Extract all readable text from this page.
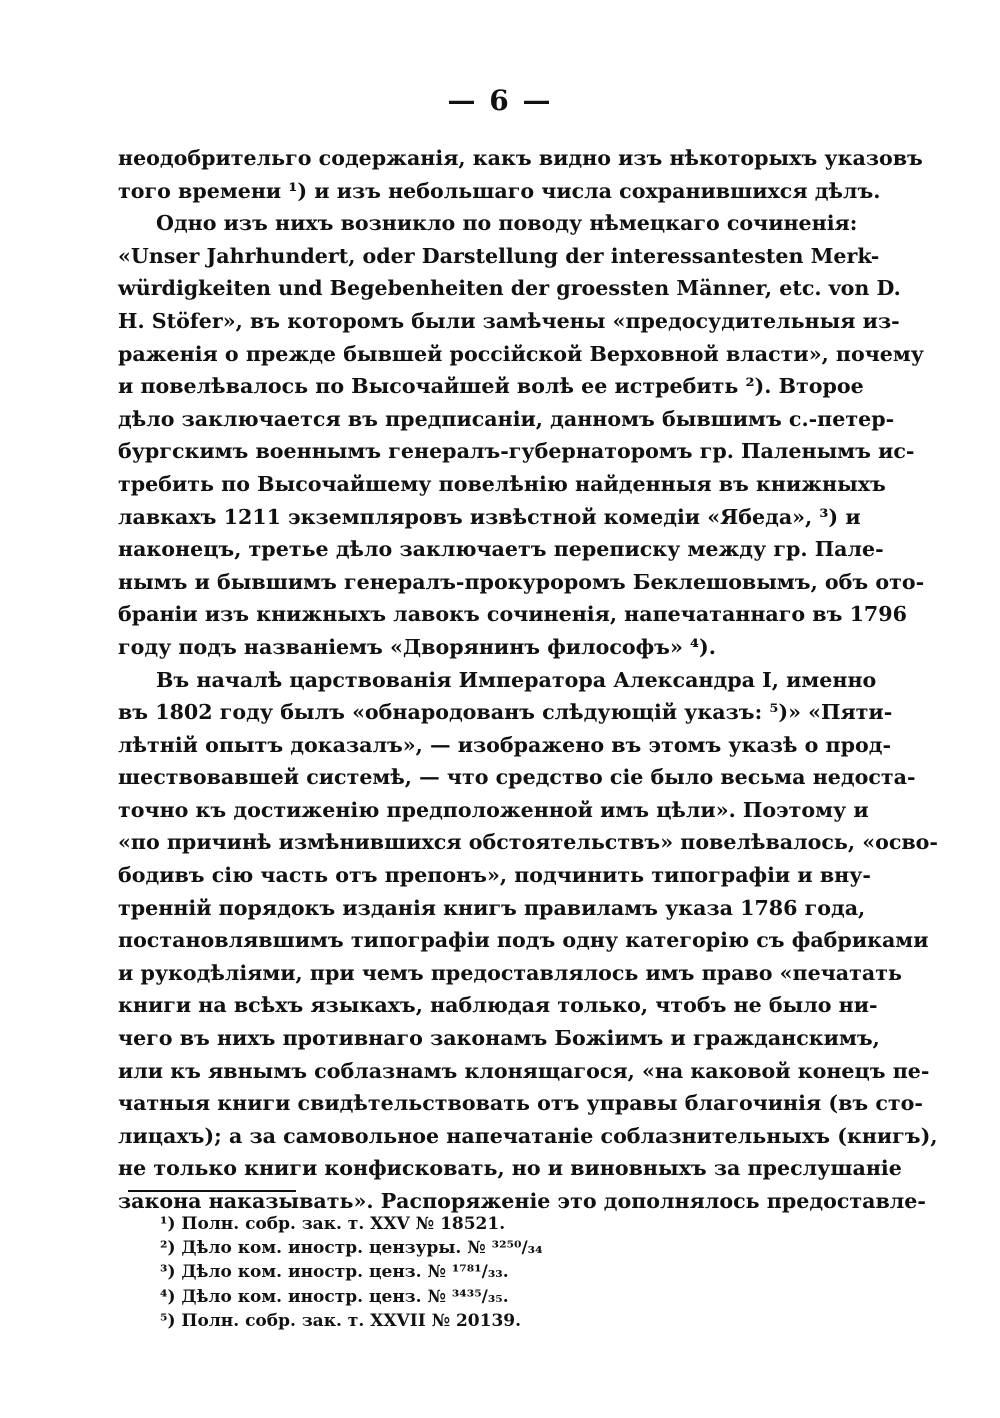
— 6 —
неодобрительго содержанія, какъ видно изъ нѣкоторыхъ указовъ
того времени ¹) и изъ небольшаго числа сохранившихся дѣлъ.
Одно изъ нихъ возникло по поводу нѣмецкаго сочиненія:
«Unser Jahrhundert, oder Darstellung der interessantesten Merk-
würdigkeiten und Begebenheiten der groessten Männer, etc. von D.
H. Stöfer», въ которомъ были замѣчены «предосудительныя из-
раженія о прежде бывшей россійской Верховной власти», почему
и повелѣвалось по Высочайшей волѣ ее истребить ²). Второе
дѣло заключается въ предписаніи, данномъ бывшимъ с.-петер-
бургскимъ военнымъ генералъ-губернаторомъ гр. Паленымъ ис-
требить по Высочайшему повелѣнію найденныя въ книжныхъ
лавкахъ 1211 экземпляровъ извѣстной комедіи «Ябеда», ³) и
наконецъ, третье дѣло заключаетъ переписку между гр. Пале-
нымъ и бывшимъ генералъ-прокуроромъ Беклешовымъ, объ ото-
браніи изъ книжныхъ лавокъ сочиненія, напечатаннаго въ 1796
году подъ названіемъ «Дворянинъ философъ» ⁴).
Въ началѣ царствованія Императора Александра I, именно
въ 1802 году былъ «обнародованъ слѣдующій указъ: ⁵)» «Пяти-
лѣтній опытъ доказалъ», — изображено въ этомъ указѣ о прод-
шествовавшей системѣ, — что средство сіе было весьма недоста-
точно къ достиженію предположенной имъ цѣли». Поэтому и
«по причинѣ измѣнившихся обстоятельствъ» повелѣвалось, «осво-
бодивъ сію часть отъ препонъ», подчинить типографіи и вну-
тренній порядокъ изданія книгъ правиламъ указа 1786 года,
постановлявшимъ типографіи подъ одну категорію съ фабриками
и рукодѣліями, при чемъ предоставлялось имъ право «печатать
книги на всѣхъ языкахъ, наблюдая только, чтобъ не было ни-
чего въ нихъ противнаго законамъ Божіимъ и гражданскимъ,
или къ явнымъ соблазнамъ клонящагося, «на каковой конецъ пе-
чатныя книги свидѣтельствовать отъ управы благочинія (въ сто-
лицахъ); а за самовольное напечатаніе соблазнительныхъ (книгъ),
не только книги конфисковать, но и виновныхъ за преслушаніе
закона наказывать». Распоряженіе это дополнялось предоставле-
¹) Полн. собр. зак. т. XXV № 18521.
²) Дѣло ком. иностр. цензуры. № ³²⁵⁰/₃₄
³) Дѣло ком. иностр. ценз. № ¹⁷⁸¹/₃₃.
⁴) Дѣло ком. иностр. ценз. № ³⁴³⁵/₃₅.
⁵) Полн. собр. зак. т. XXVII № 20139.
